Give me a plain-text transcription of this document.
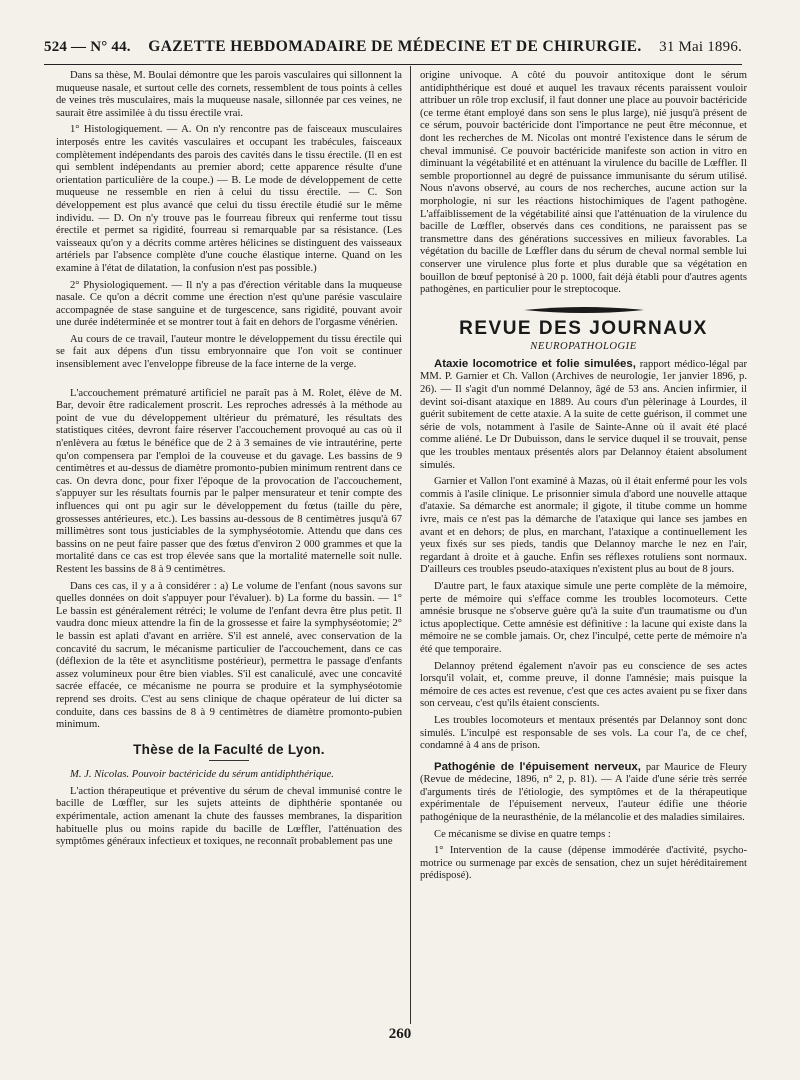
524 — N° 44. GAZETTE HEBDOMADAIRE DE MÉDECINE ET DE CHIRURGIE. 31 Mai 1896.

Dans sa thèse, M. Boulai démontre que les parois vasculaires qui sillonnent la muqueuse nasale, et surtout celle des cornets, ressemblent de tous points à celles de veines très musculaires, mais la muqueuse nasale, sillonnée par ces veines, ne saurait être assimilée à du tissu érectile vrai.

1° Histologiquement. — A. On n'y rencontre pas de faisceaux musculaires interposés entre les cavités vasculaires et occupant les trabécules, faisceaux complètement indépendants des parois des cavités dans le tissu érectile. (Il en est qui semblent indépendants au premier abord; cette apparence résulte d'une orientation particulière de la coupe.) — B. Le mode de développement de cette muqueuse ne ressemble en rien à celui du tissu érectile. — C. Son développement est plus avancé que celui du tissu érectile étudié sur le même individu. — D. On n'y trouve pas le fourreau fibreux qui renferme tout tissu érectile et permet sa rigidité, fourreau si remarquable par sa résistance. (Les vaisseaux qu'on y a décrits comme artères hélicines se distinguent des vaisseaux artériels par l'absence complète d'une couche élastique interne. Quand on les examine à l'état de dilatation, la confusion n'est pas possible.)

2° Physiologiquement. — Il n'y a pas d'érection véritable dans la muqueuse nasale. Ce qu'on a décrit comme une érection n'est qu'une parésie vasculaire accompagnée de stase sanguine et de turgescence, sans rigidité, pouvant avoir une durée indéterminée et se montrer tout à fait en dehors de l'orgasme vénérien.

Au cours de ce travail, l'auteur montre le développement du tissu érectile qui se fait aux dépens d'un tissu embryonnaire que l'on voit se continuer insensiblement avec l'enveloppe fibreuse de la face interne de la verge.

L'accouchement prématuré artificiel ne paraît pas à M. Rolet, élève de M. Bar, devoir être radicalement proscrit. Les reproches adressés à la méthode au point de vue du développement ultérieur du prématuré, les résultats des statistiques citées, devront faire réserver l'accouchement provoqué au cas où il n'enlèvera au fœtus le bénéfice que de 2 à 3 semaines de vie intrautérine, perte qu'on compensera par l'emploi de la couveuse et du gavage. Les bassins de 9 centimètres et au-dessus de diamètre promonto-pubien minimum rentrent dans ce cas. On devra donc, pour fixer l'époque de la provocation de l'accouchement, s'appuyer sur les résultats fournis par le palper mensurateur et tenir compte des influences qui ont pu agir sur le développement du fœtus (taille du père, grossesses antérieures, etc.). Les bassins au-dessous de 8 centimètres jusqu'à 67 millimètres sont tous justiciables de la symphyséotomie. Attendu que dans ces bassins on ne peut faire passer que des fœtus d'environ 2 000 grammes et que la mortalité dans ce cas est trop élevée sans que la mortalité maternelle soit nulle. Restent les bassins de 8 à 9 centimètres.

Dans ces cas, il y a à considérer : a) Le volume de l'enfant (nous savons sur quelles données on doit s'appuyer pour l'évaluer). b) La forme du bassin. — 1° Le bassin est généralement rétréci; le volume de l'enfant devra être plus petit. Il vaudra donc mieux attendre la fin de la grossesse et faire la symphyséotomie; 2° le bassin est aplati d'avant en arrière. S'il est annelé, avec conservation de la concavité du sacrum, le mécanisme particulier de l'accouchement, dans ce cas (déflexion de la tête et asynclitisme postérieur), permettra le passage d'enfants assez volumineux pour être bien viables. S'il est canaliculé, avec une concavité sacrée effacée, ce mécanisme ne pourra se produire et la symphyséotomie reprend ses droits. C'est au sens clinique de chaque opérateur de lui dicter sa conduite, dans ces bassins de 8 à 9 centimètres de diamètre promonto-pubien minimum.

Thèse de la Faculté de Lyon.

M. J. Nicolas. Pouvoir bactéricide du sérum antidiphthérique.

L'action thérapeutique et préventive du sérum de cheval immunisé contre le bacille de Lœffler, sur les sujets atteints de diphthérie spontanée ou expérimentale, action amenant la chute des fausses membranes, la disparition habituelle plus ou moins rapide du bacille de Lœffler, l'atténuation des symptômes généraux infectieux et toxiques, ne reconnaît probablement pas une

origine univoque. A côté du pouvoir antitoxique dont le sérum antidiphthérique est doué et auquel les travaux récents paraissent vouloir attribuer un rôle trop exclusif, il faut donner une place au pouvoir bactéricide (ce terme étant employé dans son sens le plus large), nié jusqu'à présent de ce sérum, pouvoir bactéricide dont l'importance ne peut être méconnue, et dont les recherches de M. Nicolas ont montré l'existence dans le sérum de cheval immunisé. Ce pouvoir bactéricide manifeste son action in vitro en diminuant la végétabilité et en atténuant la virulence du bacille de Lœffler. Il semble proportionnel au degré de puissance immunisante du sérum utilisé. Nous n'avons observé, au cours de nos recherches, aucune action sur la morphologie, ni sur les réactions histochimiques de l'agent pathogène. L'affaiblissement de la végétabilité ainsi que l'atténuation de la virulence du bacille de Lœffler, observés dans ces conditions, ne paraissent pas se transmettre dans des générations successives en milieux favorables. La végétation du bacille de Lœffler dans du sérum de cheval normal semble lui conserver une virulence plus forte et plus durable que sa végétation en bouillon de bœuf peptonisé à 20 p. 1000, fait déjà établi pour d'autres agents pathogènes, en particulier pour le streptocoque.

REVUE DES JOURNAUX
NEUROPATHOLOGIE

Ataxie locomotrice et folie simulées, rapport médico-légal par MM. P. Garnier et Ch. Vallon (Archives de neurologie, 1er janvier 1896, p. 26). — Il s'agit d'un nommé Delannoy, âgé de 53 ans. Ancien infirmier, il devint soi-disant ataxique en 1889. Au cours d'un pèlerinage à Lourdes, il guérit subitement de cette ataxie. A la suite de cette guérison, il commet une série de vols, notamment à l'asile de Sainte-Anne où il avait été placé comme aliéné. Le Dr Dubuisson, dans le service duquel il se trouvait, pense que les troubles mentaux présentés alors par Delannoy étaient absolument simulés.

Garnier et Vallon l'ont examiné à Mazas, où il était enfermé pour les vols commis à l'asile clinique. Le prisonnier simula d'abord une nouvelle attaque d'ataxie. Sa démarche est anormale; il gigote, il titube comme un homme ivre, mais ce n'est pas la démarche de l'ataxique qui lance ses jambes en avant et en dehors; de plus, en marchant, l'ataxique a continuellement les yeux fixés sur ses pieds, tandis que Delannoy marche le nez en l'air, regardant à droite et à gauche. Enfin ses réflexes rotuliens sont normaux. D'ailleurs ces troubles pseudo-ataxiques n'existent plus au bout de 8 jours.

D'autre part, le faux ataxique simule une perte complète de la mémoire, perte de mémoire qui s'efface comme les troubles locomoteurs. Cette amnésie brusque ne s'observe guère qu'à la suite d'un traumatisme ou d'un ictus apoplectique. Cette amnésie est définitive : la lacune qui existe dans la mémoire ne se comble jamais. Or, chez l'inculpé, cette perte de mémoire n'a été que temporaire.

Delannoy prétend également n'avoir pas eu conscience de ses actes lorsqu'il volait, et, comme preuve, il donne l'amnésie; mais puisque la mémoire de ces actes est revenue, c'est que ces actes avaient pu se fixer dans son cerveau, c'est qu'ils étaient conscients.

Les troubles locomoteurs et mentaux présentés par Delannoy sont donc simulés. L'inculpé est responsable de ses vols. La cour l'a, de ce chef, condamné à 4 ans de prison.

Pathogénie de l'épuisement nerveux, par Maurice de Fleury (Revue de médecine, 1896, n° 2, p. 81). — A l'aide d'une série très serrée d'arguments tirés de l'étiologie, des symptômes et de la thérapeutique expérimentale de l'épuisement nerveux, l'auteur édifie une théorie pathogénique de la neurasthénie, de la mélancolie et des maladies similaires.

Ce mécanisme se divise en quatre temps :

1° Intervention de la cause (dépense immodérée d'activité, psycho-motrice ou surmenage par excès de sensation, chez un sujet héréditairement prédisposé).

260
